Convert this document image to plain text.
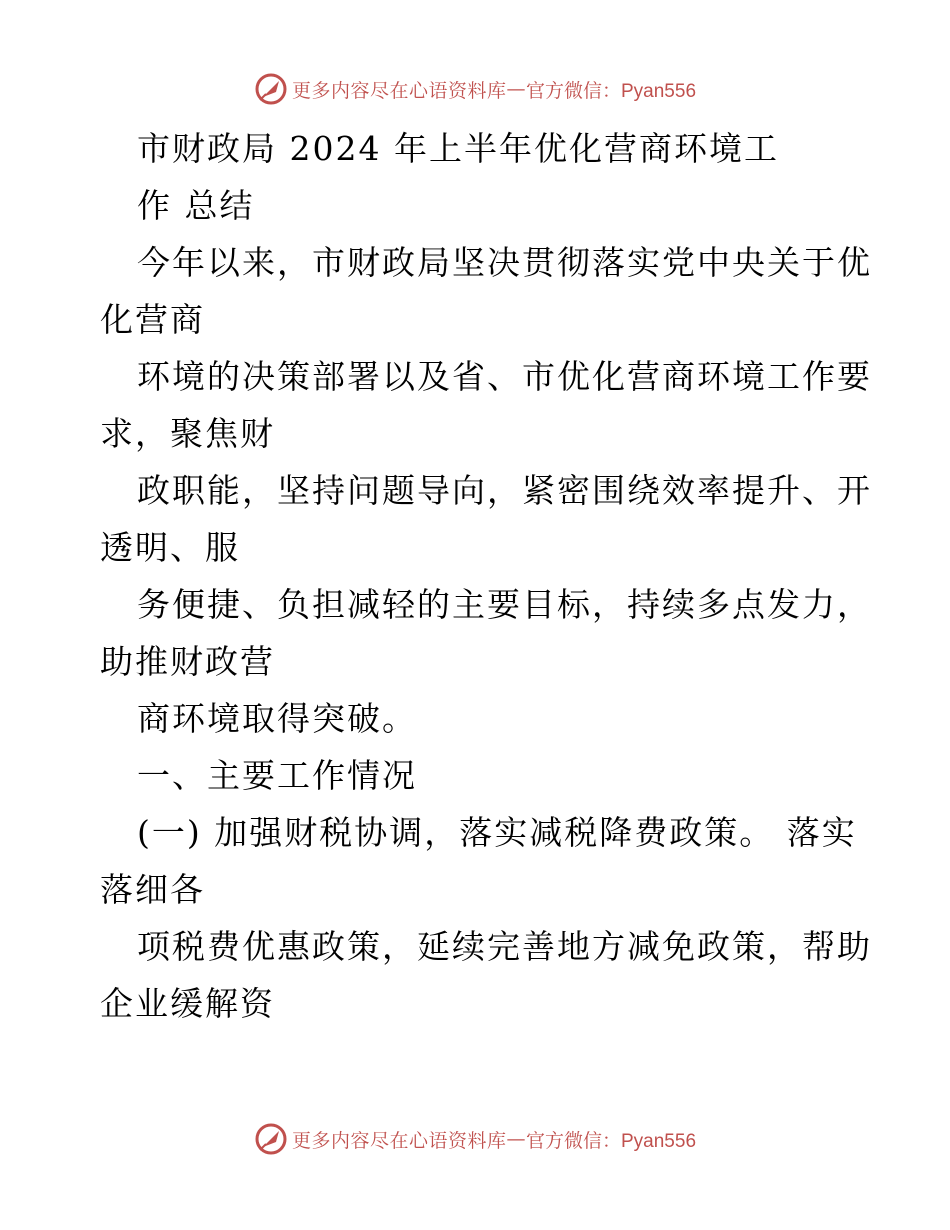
更多内容尽在心语资料库 — 官方微信：Pyan556
市财政局 2024 年上半年优化营商环境工
作 总结
今年以来，市财政局坚决贯彻落实党中央关于优
化营商
环境的决策部署以及省、市优化营商环境工作要
求，聚焦财
政职能，坚持问题导向，紧密围绕效率提升、开
透明、服
务便捷、负担减轻的主要目标，持续多点发力，
助推财政营
商环境取得突破。
一、主要工作情况
(一) 加强财税协调，落实减税降费政策。 落实
落细各
项税费优惠政策，延续完善地方减免政策，帮助
企业缓解资
更多内容尽在心语资料库 — 官方微信：Pyan556
